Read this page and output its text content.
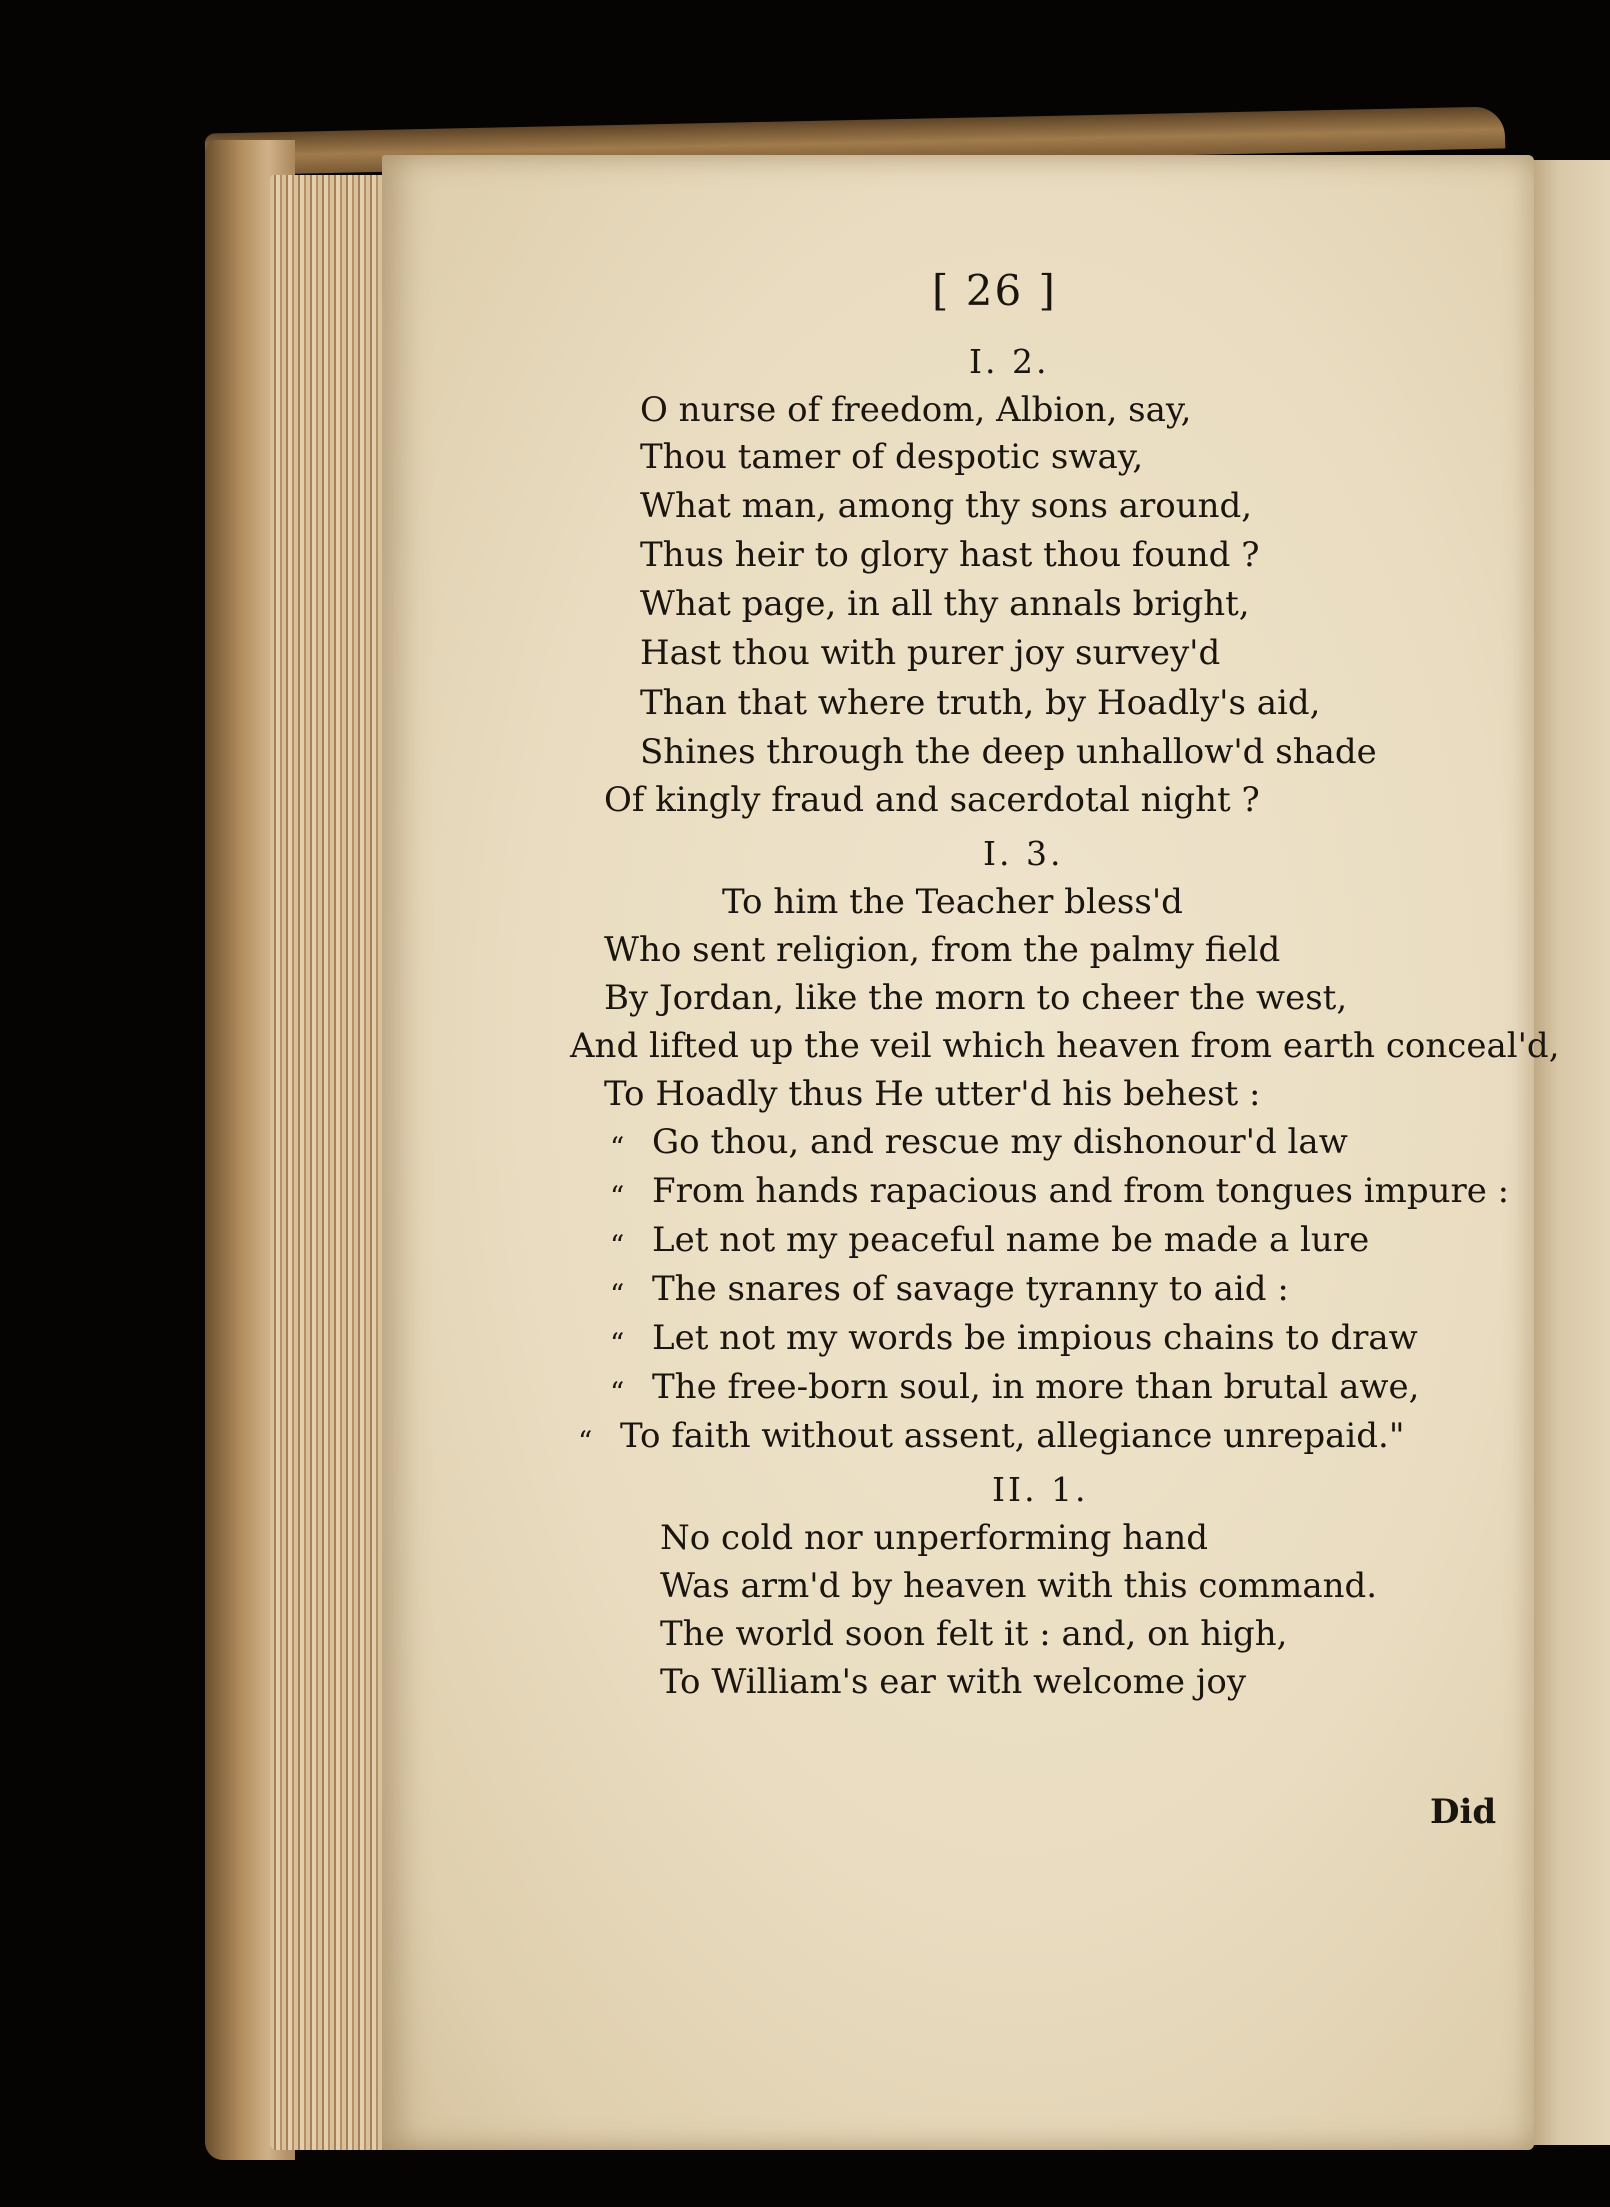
[ 26 ]
I. 2.
O nurse of freedom, Albion, say,
Thou tamer of despotic sway,
What man, among thy sons around,
Thus heir to glory hast thou found ?
What page, in all thy annals bright,
Hast thou with purer joy survey'd
Than that where truth, by Hoadly's aid,
Shines through the deep unhallow'd shade
Of kingly fraud and sacerdotal night ?
I. 3.
To him the Teacher bless'd
Who sent religion, from the palmy field
By Jordan, like the morn to cheer the west,
And lifted up the veil which heaven from earth conceal'd,
To Hoadly thus He utter'd his behest :
“ Go thou, and rescue my dishonour'd law
“ From hands rapacious and from tongues impure :
“ Let not my peaceful name be made a lure
“ The snares of savage tyranny to aid :
“ Let not my words be impious chains to draw
“ The free-born soul, in more than brutal awe,
“ To faith without assent, allegiance unrepaid."
II. 1.
No cold nor unperforming hand
Was arm'd by heaven with this command.
The world soon felt it : and, on high,
To William's ear with welcome joy
Did
